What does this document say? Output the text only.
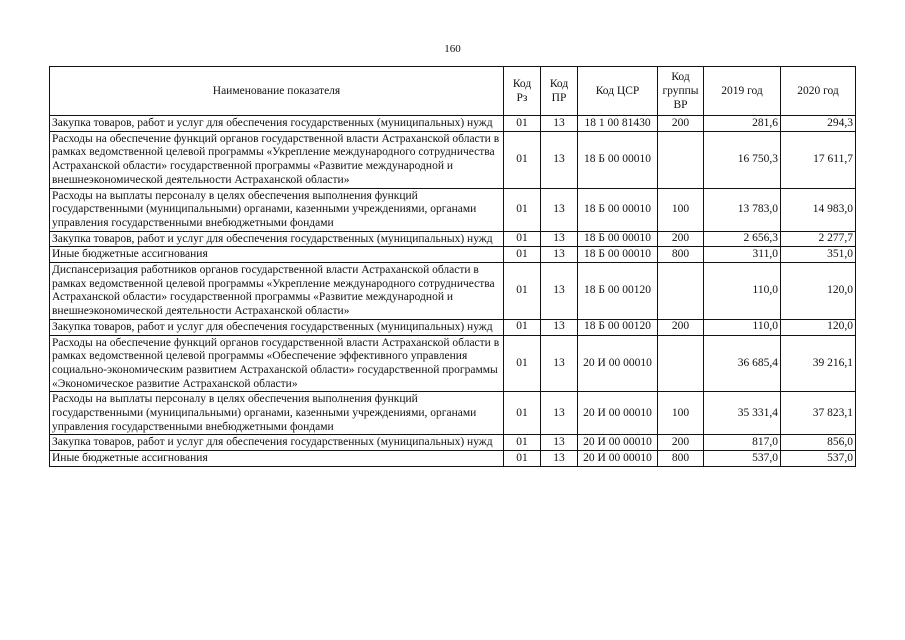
160
Наименование показателя	Код Рз	Код ПР	Код ЦСР	Код группы ВР	2019 год	2020 год
Закупка товаров, работ и услуг для обеспечения государственных (муниципальных) нужд	01	13	18 1 00 81430	200	281,6	294,3
Расходы на обеспечение функций органов государственной власти Астраханской области в рамках ведомственной целевой программы «Укрепление международного сотрудничества Астраханской области» государственной программы «Развитие международной и внешнеэкономической деятельности Астраханской области»	01	13	18 Б 00 00010		16 750,3	17 611,7
Расходы на выплаты персоналу в целях обеспечения выполнения функций государственными (муниципальными) органами, казенными учреждениями, органами управления государственными внебюджетными фондами	01	13	18 Б 00 00010	100	13 783,0	14 983,0
Закупка товаров, работ и услуг для обеспечения государственных (муниципальных) нужд	01	13	18 Б 00 00010	200	2 656,3	2 277,7
Иные бюджетные ассигнования	01	13	18 Б 00 00010	800	311,0	351,0
Диспансеризация работников органов государственной власти Астраханской области в рамках ведомственной целевой программы «Укрепление международного сотрудничества Астраханской области» государственной программы «Развитие международной и внешнеэкономической деятельности Астраханской области»	01	13	18 Б 00 00120		110,0	120,0
Закупка товаров, работ и услуг для обеспечения государственных (муниципальных) нужд	01	13	18 Б 00 00120	200	110,0	120,0
Расходы на обеспечение функций органов государственной власти Астраханской области в рамках ведомственной целевой программы «Обеспечение эффективного управления социально-экономическим развитием Астраханской области» государственной программы «Экономическое развитие Астраханской области»	01	13	20 И 00 00010		36 685,4	39 216,1
Расходы на выплаты персоналу в целях обеспечения выполнения функций государственными (муниципальными) органами, казенными учреждениями, органами управления государственными внебюджетными фондами	01	13	20 И 00 00010	100	35 331,4	37 823,1
Закупка товаров, работ и услуг для обеспечения государственных (муниципальных) нужд	01	13	20 И 00 00010	200	817,0	856,0
Иные бюджетные ассигнования	01	13	20 И 00 00010	800	537,0	537,0
